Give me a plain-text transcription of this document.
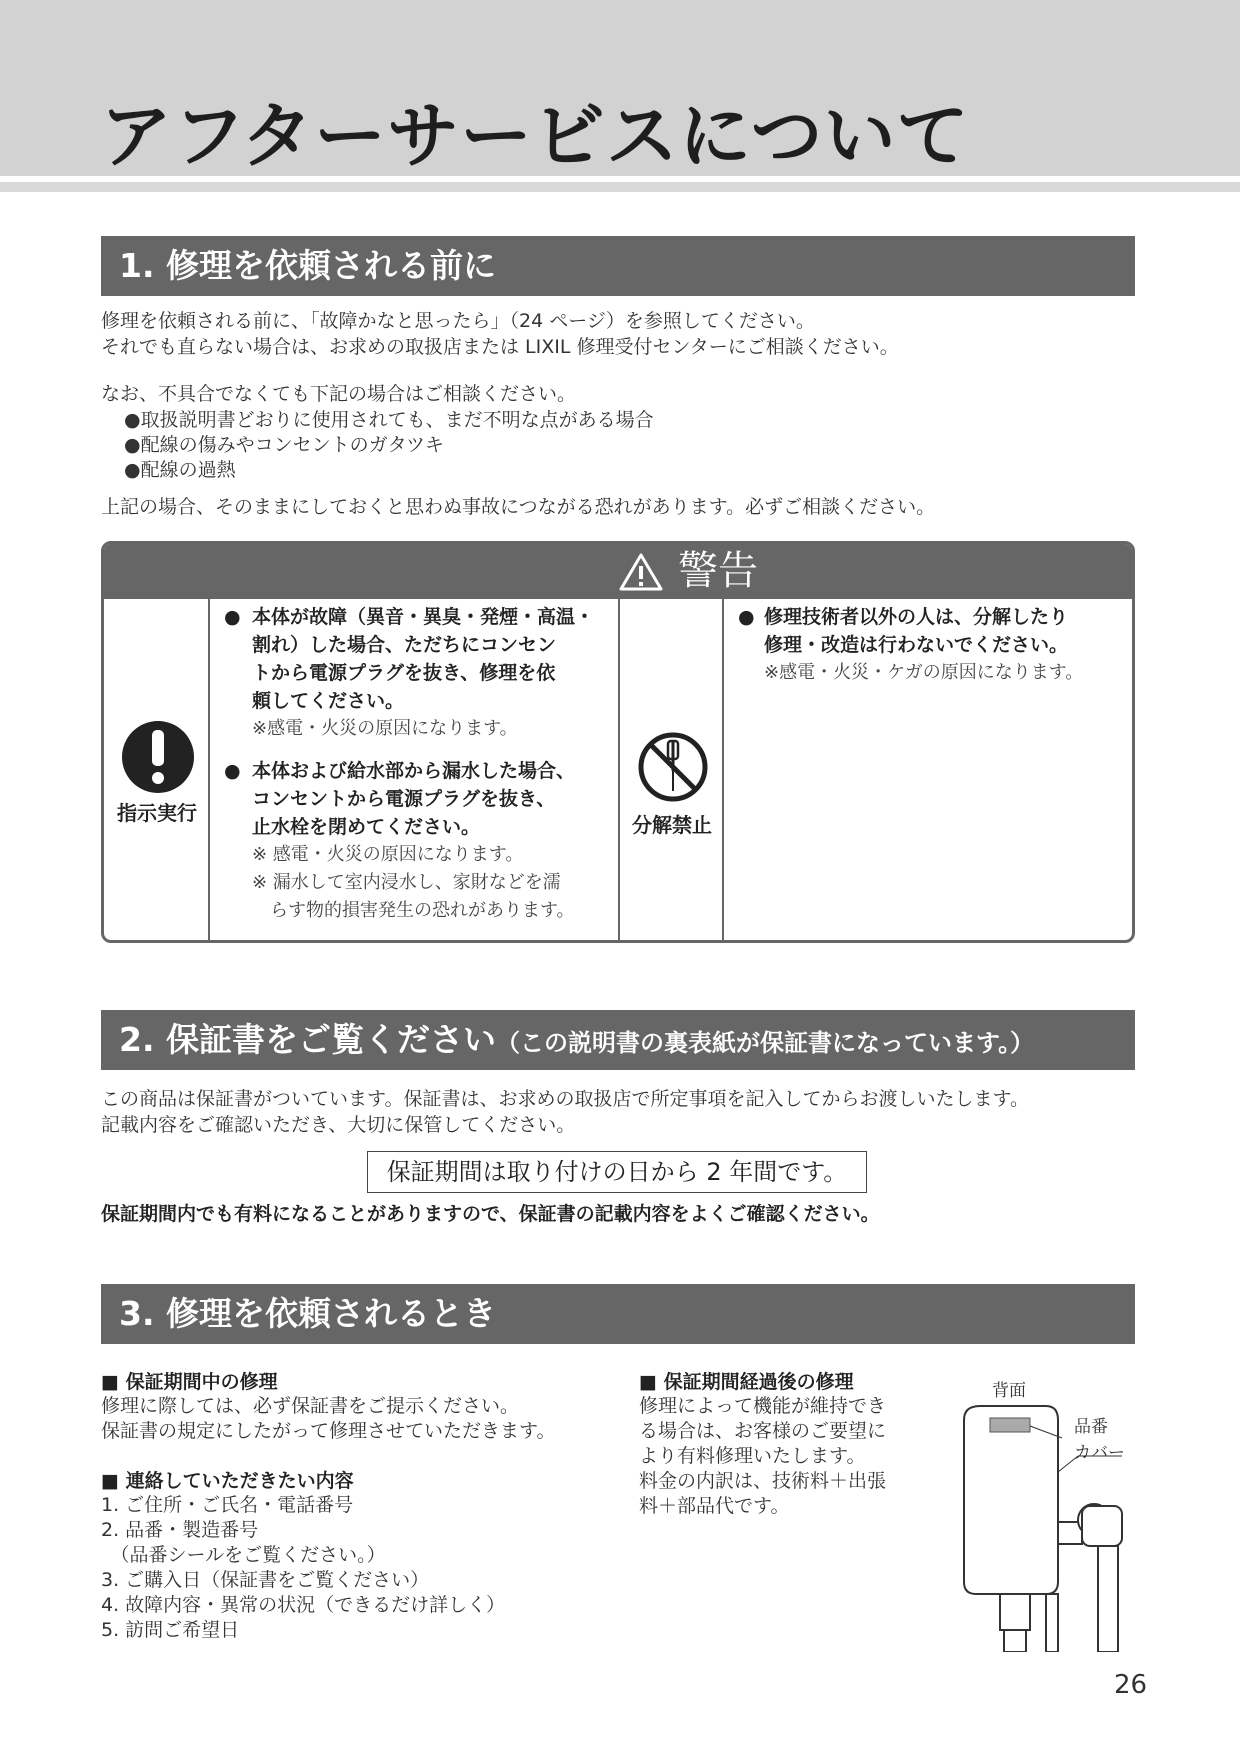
アフターサービスについて
1. 修理を依頼される前に
修理を依頼される前に、「故障かなと思ったら」（24 ページ）を参照してください。
それでも直らない場合は、お求めの取扱店または LIXIL 修理受付センターにご相談ください。
なお、不具合でなくても下記の場合はご相談ください。
●取扱説明書どおりに使用されても、まだ不明な点がある場合
●配線の傷みやコンセントのガタツキ
●配線の過熱
上記の場合、そのままにしておくと思わぬ事故につながる恐れがあります。必ずご相談ください。
警告
指示実行
● 本体が故障（異音・異臭・発煙・高温・
割れ）した場合、ただちにコンセン
トから電源プラグを抜き、修理を依
頼してください。
※感電・火災の原因になります。
● 本体および給水部から漏水した場合、
コンセントから電源プラグを抜き、
止水栓を閉めてください。
※ 感電・火災の原因になります。
※ 漏水して室内浸水し、家財などを濡
　らす物的損害発生の恐れがあります。
分解禁止
● 修理技術者以外の人は、分解したり
修理・改造は行わないでください。
※感電・火災・ケガの原因になります。
2. 保証書をご覧ください（この説明書の裏表紙が保証書になっています。）
この商品は保証書がついています。保証書は、お求めの取扱店で所定事項を記入してからお渡しいたします。
記載内容をご確認いただき、大切に保管してください。
保証期間は取り付けの日から 2 年間です。
保証期間内でも有料になることがありますので、保証書の記載内容をよくご確認ください。
3. 修理を依頼されるとき
■ 保証期間中の修理
修理に際しては、必ず保証書をご提示ください。
保証書の規定にしたがって修理させていただきます。
■ 連絡していただきたい内容
1. ご住所・ご氏名・電話番号
2. 品番・製造番号
　（品番シールをご覧ください。）
3. ご購入日（保証書をご覧ください）
4. 故障内容・異常の状況（できるだけ詳しく）
5. 訪問ご希望日
■ 保証期間経過後の修理
修理によって機能が維持でき
る場合は、お客様のご要望に
より有料修理いたします。
料金の内訳は、技術料＋出張
料＋部品代です。
背面
品番
カバー
26
